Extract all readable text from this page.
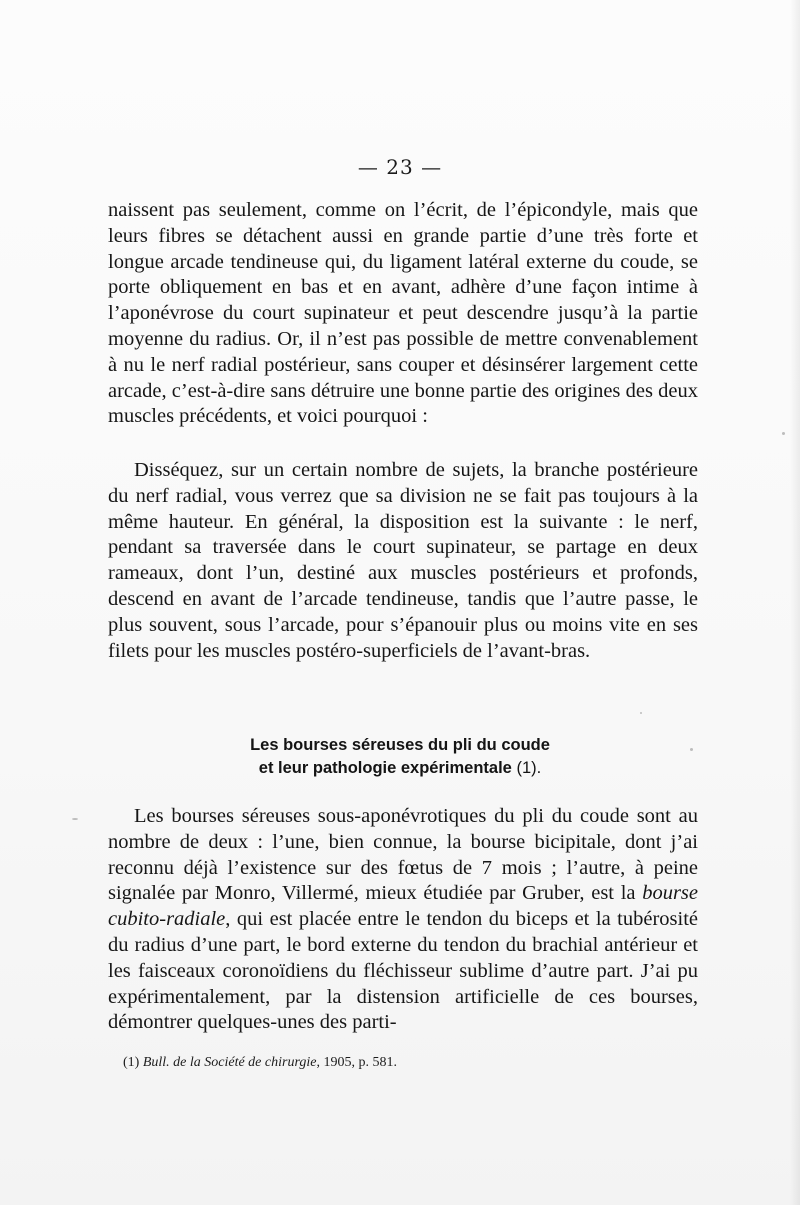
— 23 —

naissent pas seulement, comme on l’écrit, de l’épicondyle, mais que leurs fibres se détachent aussi en grande partie d’une très forte et longue arcade tendineuse qui, du ligament latéral externe du coude, se porte obliquement en bas et en avant, adhère d’une façon intime à l’aponévrose du court supinateur et peut descendre jusqu’à la partie moyenne du radius. Or, il n’est pas possible de mettre convenablement à nu le nerf radial postérieur, sans couper et désinsérer largement cette arcade, c’est-à-dire sans détruire une bonne partie des origines des deux muscles précédents, et voici pourquoi :

Disséquez, sur un certain nombre de sujets, la branche postérieure du nerf radial, vous verrez que sa division ne se fait pas toujours à la même hauteur. En général, la disposition est la suivante : le nerf, pendant sa traversée dans le court supinateur, se partage en deux rameaux, dont l’un, destiné aux muscles postérieurs et profonds, descend en avant de l’arcade tendineuse, tandis que l’autre passe, le plus souvent, sous l’arcade, pour s’épanouir plus ou moins vite en ses filets pour les muscles postéro-superficiels de l’avant-bras.

Les bourses séreuses du pli du coude
et leur pathologie expérimentale (1).

Les bourses séreuses sous-aponévrotiques du pli du coude sont au nombre de deux : l’une, bien connue, la bourse bicipitale, dont j’ai reconnu déjà l’existence sur des fœtus de 7 mois ; l’autre, à peine signalée par Monro, Villermé, mieux étudiée par Gruber, est la bourse cubito-radiale, qui est placée entre le tendon du biceps et la tubérosité du radius d’une part, le bord externe du tendon du brachial antérieur et les faisceaux coronoïdiens du fléchisseur sublime d’autre part. J’ai pu expérimentalement, par la distension artificielle de ces bourses, démontrer quelques-unes des parti-

(1) Bull. de la Société de chirurgie, 1905, p. 581.
